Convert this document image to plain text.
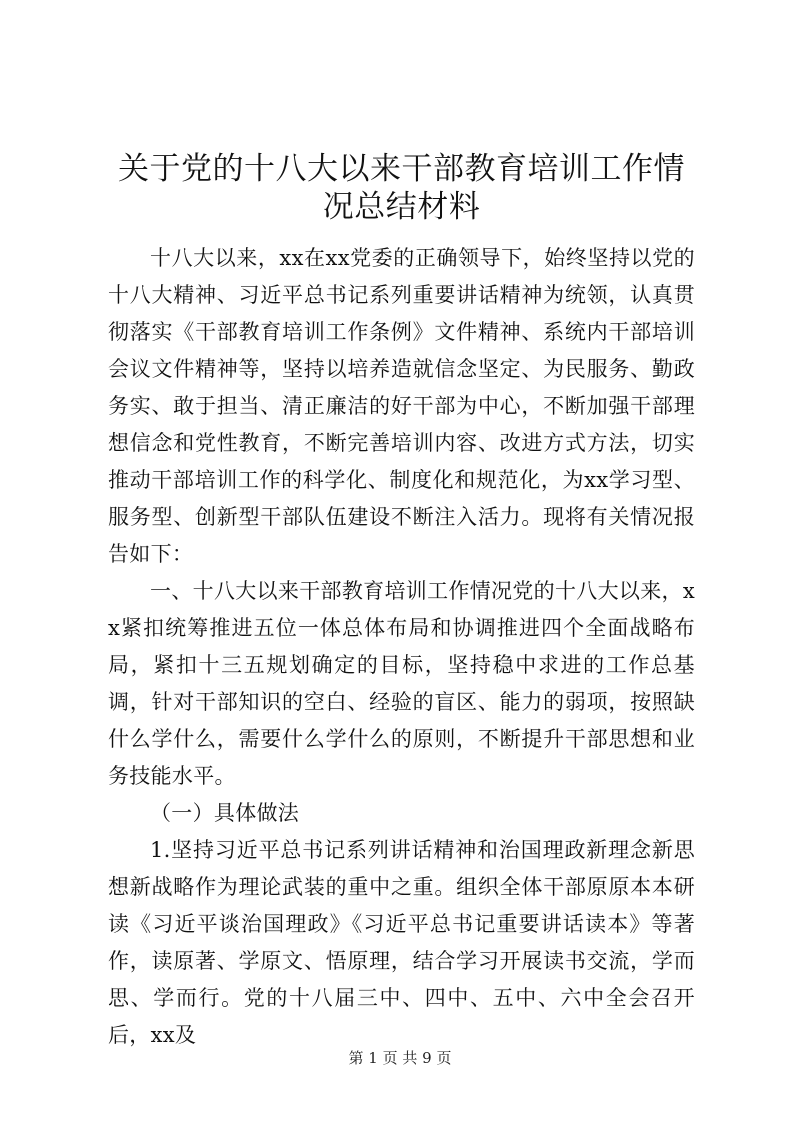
关于党的十八大以来干部教育培训工作情况总结材料

十八大以来，xx在xx党委的正确领导下，始终坚持以党的十八大精神、习近平总书记系列重要讲话精神为统领，认真贯彻落实《干部教育培训工作条例》文件精神、系统内干部培训会议文件精神等，坚持以培养造就信念坚定、为民服务、勤政务实、敢于担当、清正廉洁的好干部为中心，不断加强干部理想信念和党性教育，不断完善培训内容、改进方式方法，切实推动干部培训工作的科学化、制度化和规范化，为xx学习型、服务型、创新型干部队伍建设不断注入活力。现将有关情况报告如下：

一、十八大以来干部教育培训工作情况党的十八大以来，xx紧扣统筹推进五位一体总体布局和协调推进四个全面战略布局，紧扣十三五规划确定的目标，坚持稳中求进的工作总基调，针对干部知识的空白、经验的盲区、能力的弱项，按照缺什么学什么，需要什么学什么的原则，不断提升干部思想和业务技能水平。

（一）具体做法

1.坚持习近平总书记系列讲话精神和治国理政新理念新思想新战略作为理论武装的重中之重。组织全体干部原原本本研读《习近平谈治国理政》《习近平总书记重要讲话读本》等著作，读原著、学原文、悟原理，结合学习开展读书交流，学而思、学而行。党的十八届三中、四中、五中、六中全会召开后，xx及

第 1 页 共 9 页
